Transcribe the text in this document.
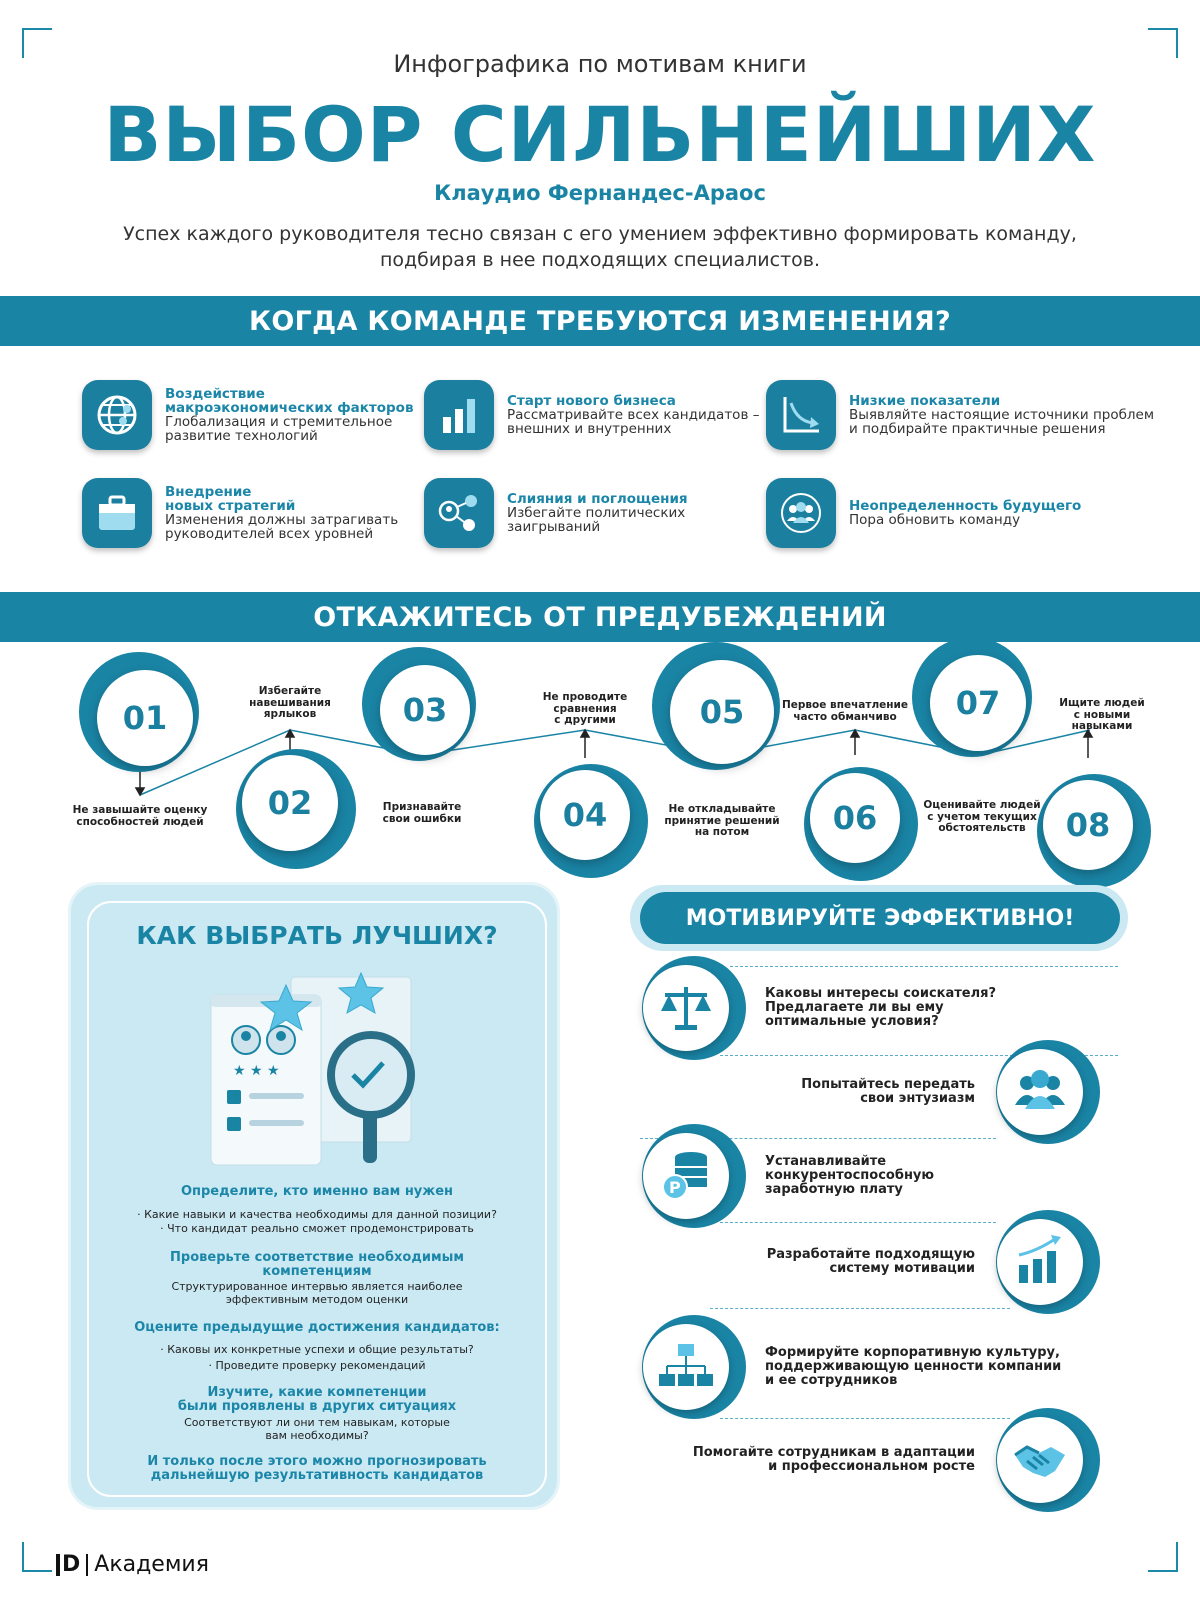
Инфографика по мотивам книги
ВЫБОР СИЛЬНЕЙШИХ
Клаудио Фернандес-Араос
Успех каждого руководителя тесно связан с его умением эффективно формировать команду,
подбирая в нее подходящих специалистов.
КОГДА КОМАНДЕ ТРЕБУЮТСЯ ИЗМЕНЕНИЯ?
Воздействие
макроэкономических факторов
Глобализация и стремительное
развитие технологий
Старт нового бизнеса
Рассматривайте всех кандидатов –
внешних и внутренних
Низкие показатели
Выявляйте настоящие источники проблем
и подбирайте практичные решения
Внедрение
новых стратегий
Изменения должны затрагивать
руководителей всех уровней
Слияния и поглощения
Избегайте политических
заигрываний
Неопределенность будущего
Пора обновить команду
ОТКАЖИТЕСЬ ОТ ПРЕДУБЕЖДЕНИЙ
01
Не завышайте оценку
способностей людей	02
Избегайте
навешивания
ярлыков	03
Признавайте
свои ошибки	04
Не проводите
сравнения
с другими	05
Не откладывайте
принятие решений
на потом	06
Первое впечатление
часто обманчиво	07
Оценивайте людей
с учетом текущих
обстоятельств	08
Ищите людей
с новыми
навыками
КАК ВЫБРАТЬ ЛУЧШИХ?
★ ★ ★
Определите, кто именно вам нужен
· Какие навыки и качества необходимы для данной позиции?
· Что кандидат реально сможет продемонстрировать
Проверьте соответствие необходимым
компетенциям
Структурированное интервью является наиболее
эффективным методом оценки
Оцените предыдущие достижения кандидатов:
· Каковы их конкретные успехи и общие результаты?
· Проведите проверку рекомендаций
Изучите, какие компетенции
были проявлены в других ситуациях
Соответствуют ли они тем навыкам, которые
вам необходимы?
И только после этого можно прогнозировать
дальнейшую результативность кандидатов
МОТИВИРУЙТЕ ЭФФЕКТИВНО!
Каковы интересы соискателя?
Предлагаете ли вы ему
оптимальные условия?
Попытайтесь передать
свои энтузиазм
Р
Устанавливайте
конкурентоспособную
заработную плату
Разработайте подходящую
систему мотивации
Формируйте корпоративную культуру,
поддерживающую ценности компании
и ее сотрудников
Помогайте сотрудникам в адаптации
и профессиональном росте
D Академия
